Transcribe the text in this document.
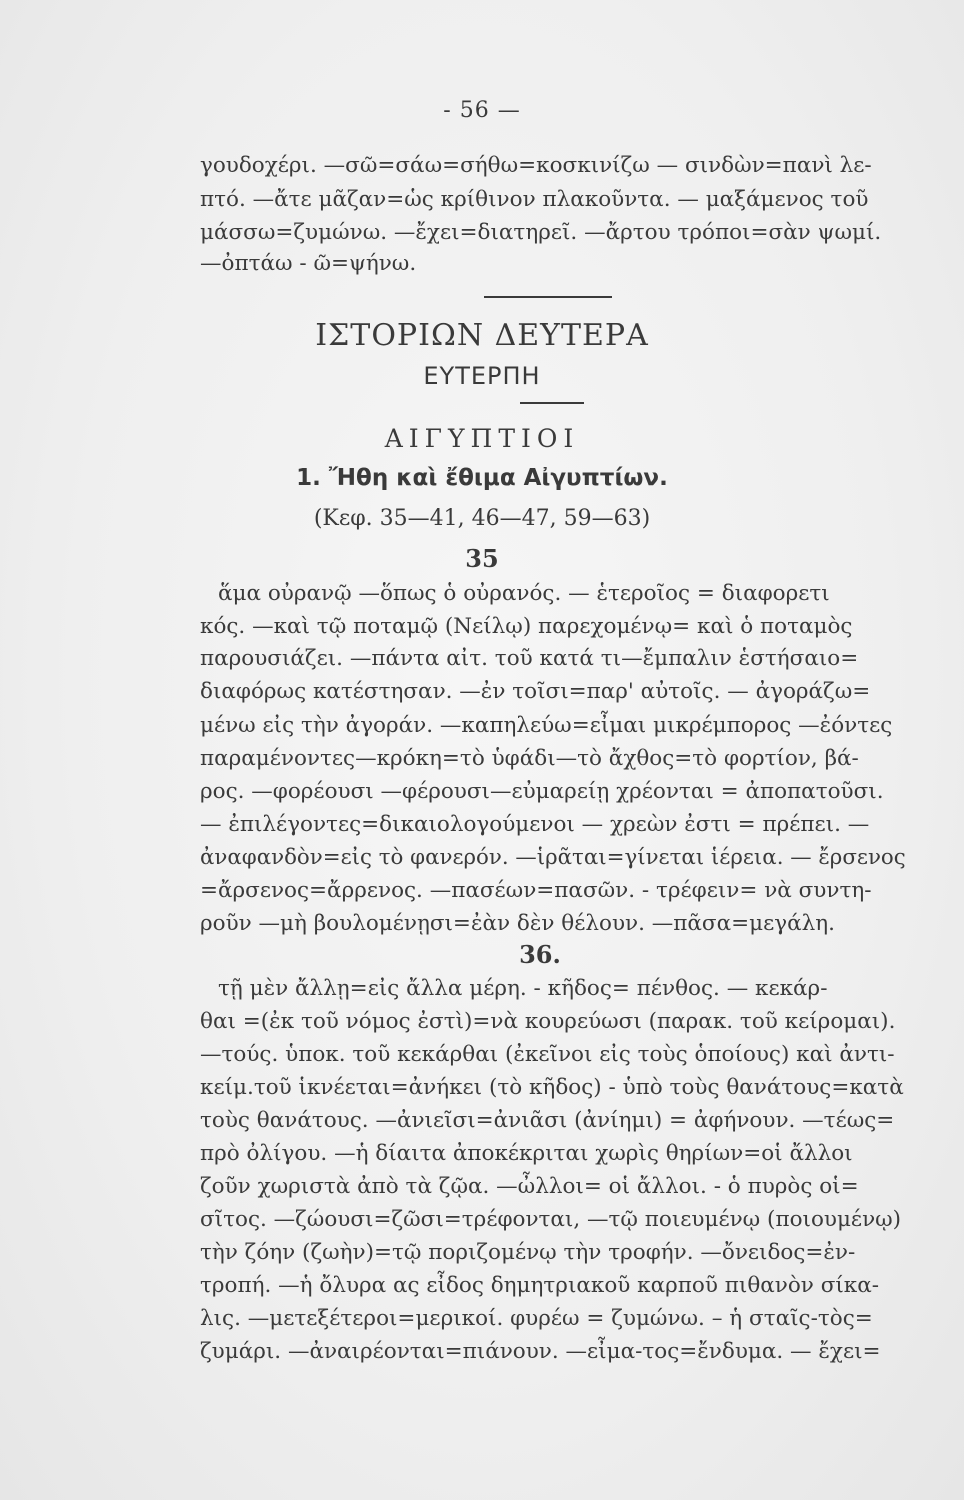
- 56 —
γουδοχέρι. —σῶ=σάω=σήθω=κοσκινίζω — σινδὼν=πανὶ λε-
πτό. —ἄτε μᾶζαν=ὡς κρίθινον πλακοῦντα. — μαξάμενος τοῦ
μάσσω=ζυμώνω. —ἔχει=διατηρεῖ. —ἄρτου τρόποι=σὰν ψωμί.
—ὀπτάω - ῶ=ψήνω.
ΙΣΤΟΡΙΩΝ ΔΕΥΤΕΡΑ
ΕΥΤΕΡΠΗ
ΑΙΓΥΠΤΙΟΙ
1. Ἤθη καὶ ἔθιμα Αἰγυπτίων.
(Κεφ. 35—41, 46—47, 59—63)
35
ἅμα οὐρανῷ —ὅπως ὁ οὐρανός. — ἑτεροῖος = διαφορετι
κός. —καὶ τῷ ποταμῷ (Νείλῳ) παρεχομένῳ= καὶ ὁ ποταμὸς
παρουσιάζει. —πάντα αἰτ. τοῦ κατά τι—ἔμπαλιν ἑστήσαιο=
διαφόρως κατέστησαν. —ἐν τοῖσι=παρ' αὐτοῖς. — ἀγοράζω=
μένω εἰς τὴν ἀγοράν. —καπηλεύω=εἶμαι μικρέμπορος —ἐόντες
παραμένοντες—κρόκη=τὸ ὑφάδι—τὸ ἄχθος=τὸ φορτίον, βά-
ρος. —φορέουσι —φέρουσι—εὐμαρείῃ χρέονται = ἀποπατοῦσι.
— ἐπιλέγοντες=δικαιολογούμενοι — χρεὼν ἐστι = πρέπει. —
ἀναφανδὸν=εἰς τὸ φανερόν. —ἱρᾶται=γίνεται ἱέρεια. — ἔρσενος
=ἄρσενος=ἄρρενος. —πασέων=πασῶν. - τρέφειν= νὰ συντη-
ροῦν —μὴ βουλομένῃσι=ἐὰν δὲν θέλουν. —πᾶσα=μεγάλη.
36.
τῇ μὲν ἄλλῃ=εἰς ἄλλα μέρη. - κῆδος= πένθος. — κεκάρ-
θαι =(ἐκ τοῦ νόμος ἐστὶ)=νὰ κουρεύωσι (παρακ. τοῦ κείρομαι).
—τούς. ὑποκ. τοῦ κεκάρθαι (ἐκεῖνοι εἰς τοὺς ὁποίους) καὶ ἀντι-
κείμ.τοῦ ἱκνέεται=ἀνήκει (τὸ κῆδος) - ὑπὸ τοὺς θανάτους=κατὰ
τοὺς θανάτους. —ἀνιεῖσι=ἀνιᾶσι (ἀνίημι) = ἀφήνουν. —τέως=
πρὸ ὀλίγου. —ἡ δίαιτα ἀποκέκριται χωρὶς θηρίων=οἱ ἄλλοι
ζοῦν χωριστὰ ἀπὸ τὰ ζῷα. —ὦλλοι= οἱ ἄλλοι. - ὁ πυρὸς οἱ=
σῖτος. —ζώουσι=ζῶσι=τρέφονται, —τῷ ποιευμένῳ (ποιουμένῳ)
τὴν ζόην (ζωὴν)=τῷ ποριζομένῳ τὴν τροφήν. —ὄνειδος=ἐν-
τροπή. —ἡ ὄλυρα ας εἶδος δημητριακοῦ καρποῦ πιθανὸν σίκα-
λις. —μετεξέτεροι=μερικοί. φυρέω = ζυμώνω. – ἡ σταῖς-τὸς=
ζυμάρι. —ἀναιρέονται=πιάνουν. —εἶμα-τος=ἔνδυμα. — ἔχει=
